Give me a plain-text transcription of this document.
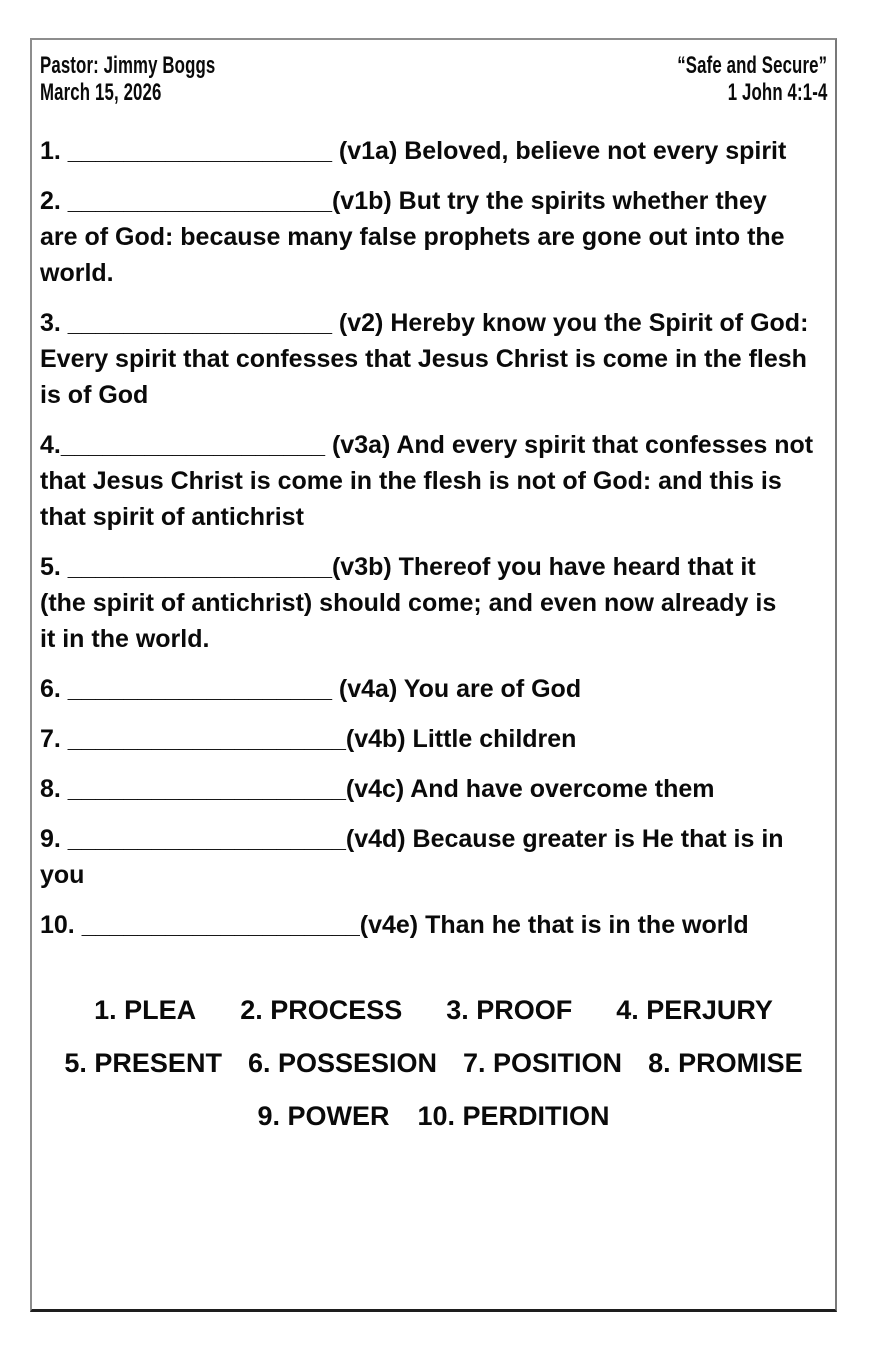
Pastor: Jimmy Boggs
March 15, 2026
“Safe and Secure”
1 John 4:1-4
1. ___________________ (v1a) Beloved, believe not every spirit
2. ___________________(v1b) But try the spirits whether they
are of God: because many false prophets are gone out into the
world.
3. ___________________ (v2) Hereby know you the Spirit of God:
Every spirit that confesses that Jesus Christ is come in the flesh
is of God
4.___________________ (v3a) And every spirit that confesses not
that Jesus Christ is come in the flesh is not of God: and this is
that spirit of antichrist
5. ___________________(v3b) Thereof you have heard that it
(the spirit of antichrist) should come; and even now already is
it in the world.
6. ___________________ (v4a) You are of God
7. ____________________(v4b) Little children
8. ____________________(v4c) And have overcome them
9. ____________________(v4d) Because greater is He that is in
you
10. ____________________(v4e) Than he that is in the world
1. PLEA 2. PROCESS 3. PROOF 4. PERJURY
5. PRESENT 6. POSSESION 7. POSITION 8. PROMISE
9. POWER 10. PERDITION
